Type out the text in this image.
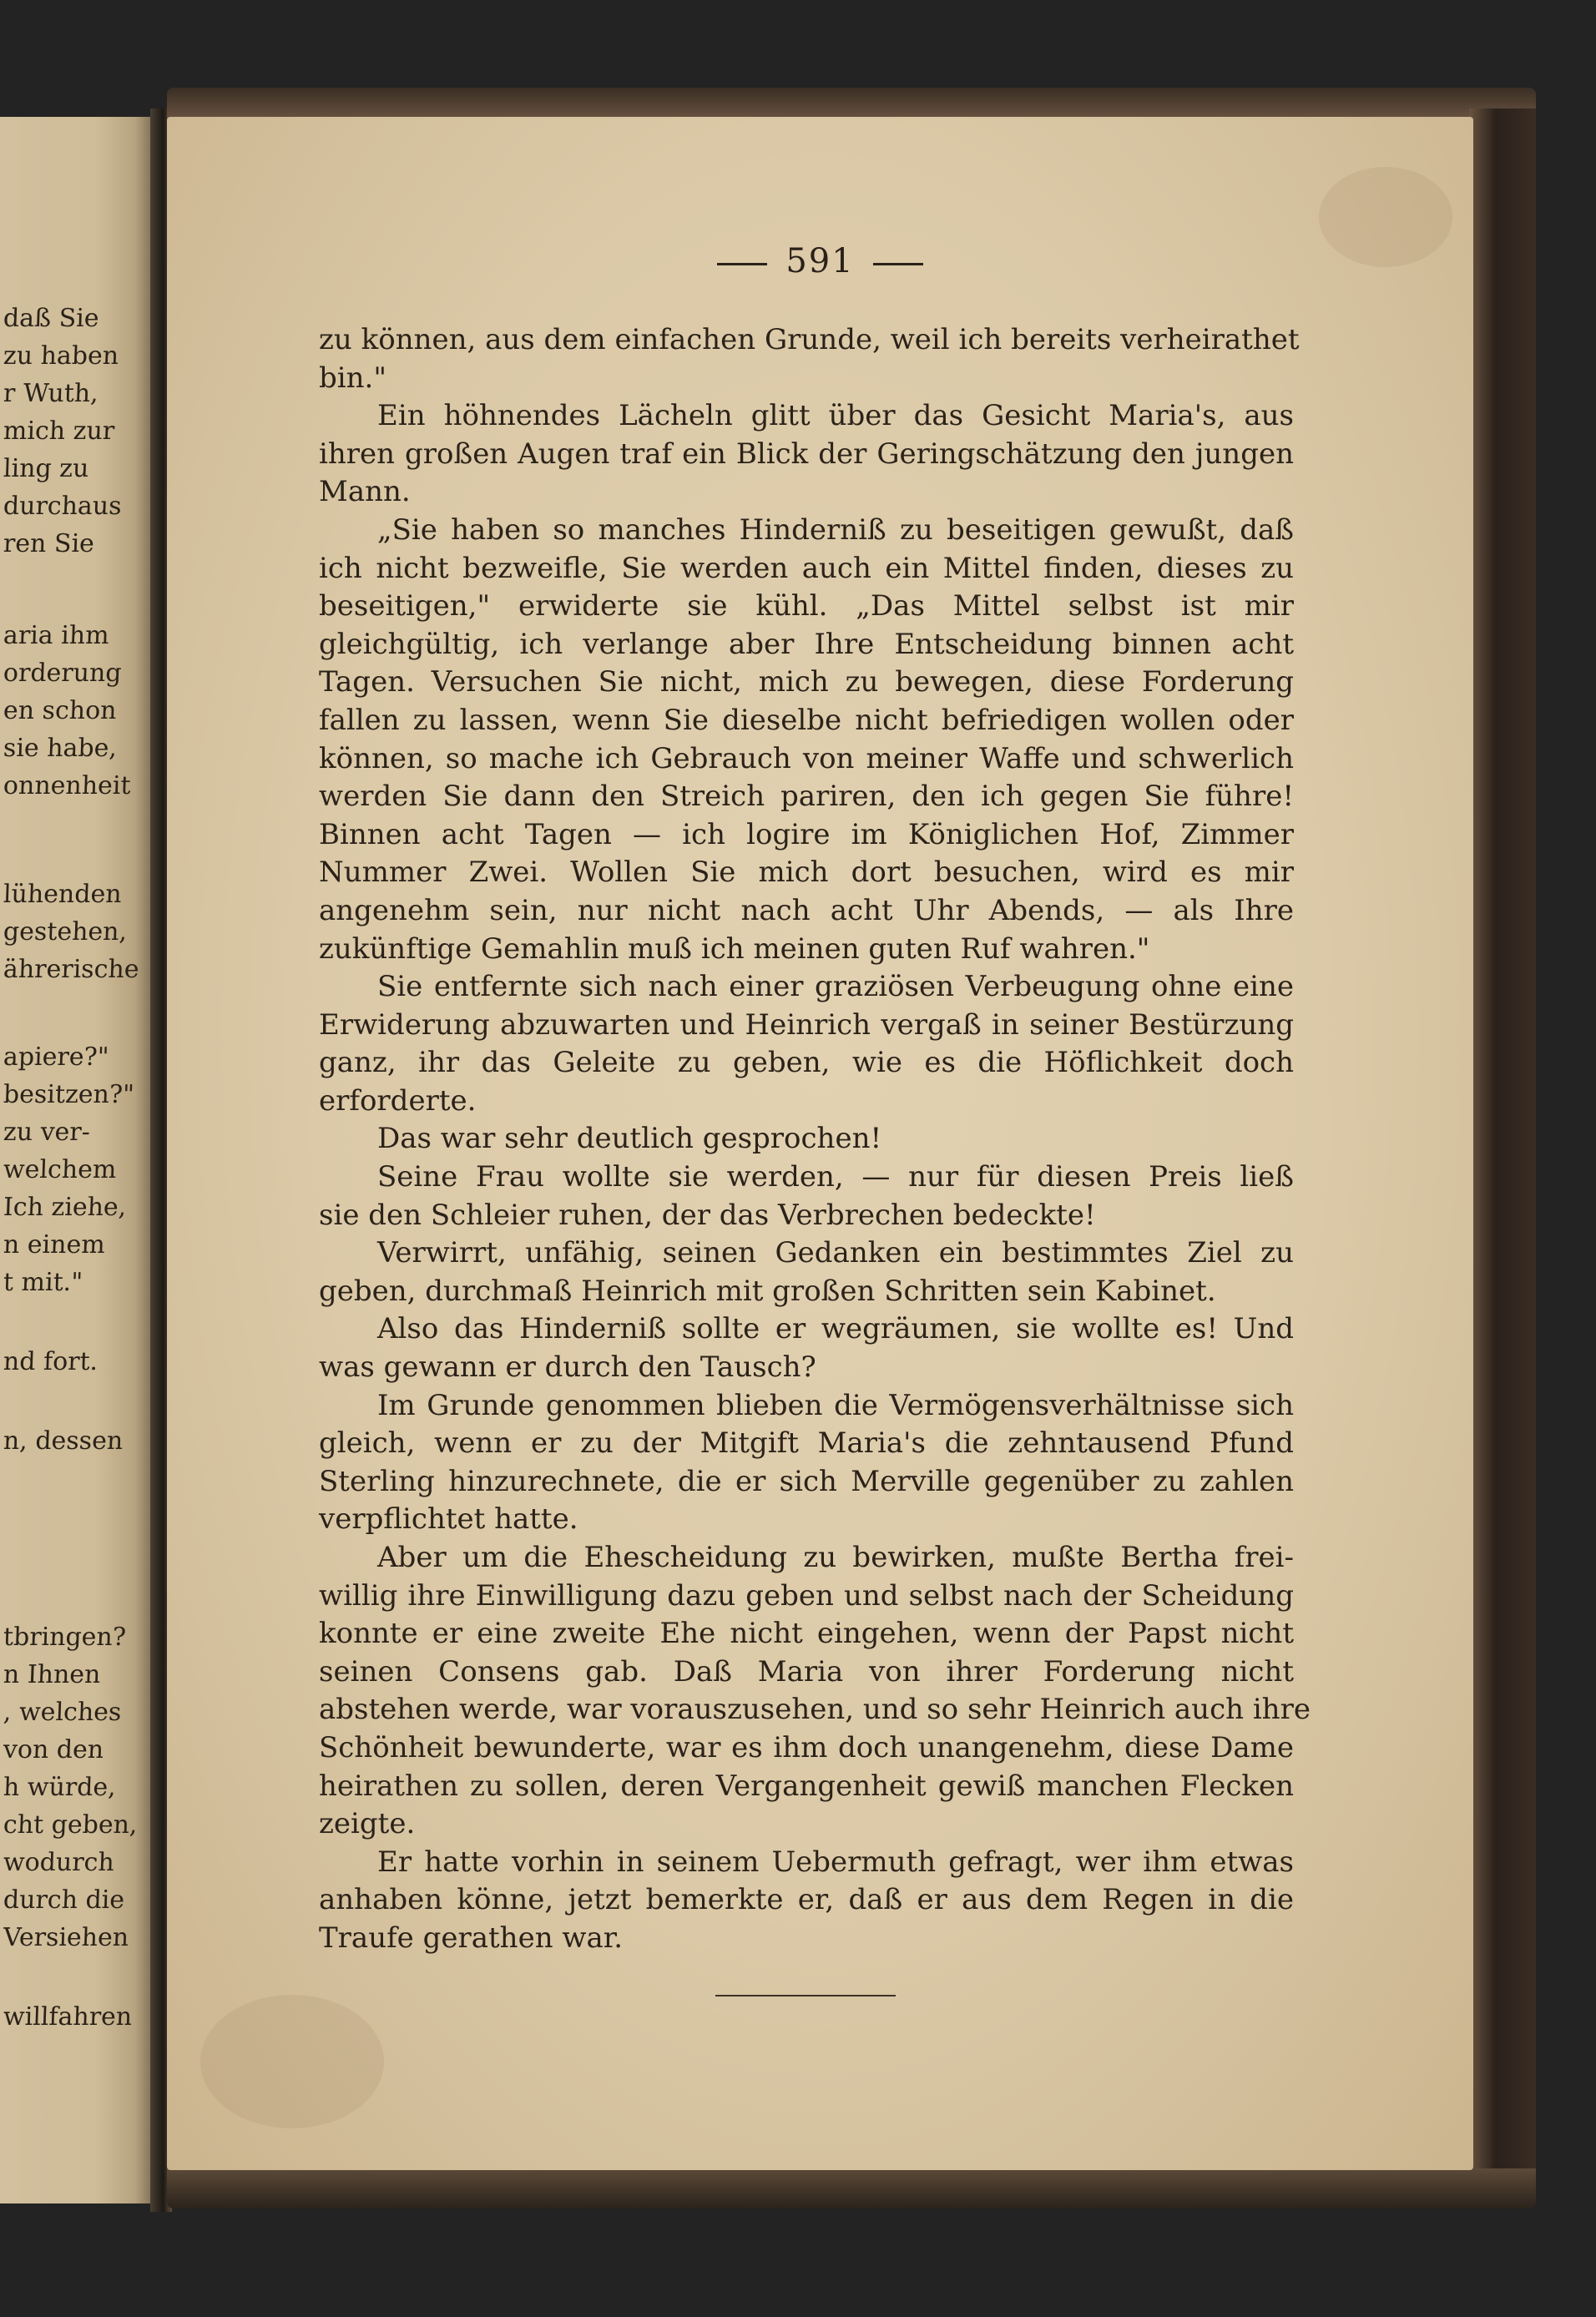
daß Sie
zu haben
r Wuth,
mich zur
ling zu
durchaus
ren Sie
aria ihm
orderung
en schon
sie habe,
onnenheit
lühenden
gestehen,
ährerische
apiere?"
besitzen?"
zu ver-
welchem
Ich ziehe,
n einem
t mit."
nd fort.
n, dessen
tbringen?
n Ihnen
, welches
von den
h würde,
cht geben,
wodurch
durch die
Versiehen
willfahren
591
zu können, aus dem einfachen Grunde, weil ich bereits verheirathet
bin."
Ein höhnendes Lächeln glitt über das Gesicht Maria's, aus
ihren großen Augen traf ein Blick der Geringschätzung den jungen
Mann.
„Sie haben so manches Hinderniß zu beseitigen gewußt, daß
ich nicht bezweifle, Sie werden auch ein Mittel finden, dieses zu
beseitigen," erwiderte sie kühl. „Das Mittel selbst ist mir
gleichgültig, ich verlange aber Ihre Entscheidung binnen acht
Tagen. Versuchen Sie nicht, mich zu bewegen, diese Forderung
fallen zu lassen, wenn Sie dieselbe nicht befriedigen wollen oder
können, so mache ich Gebrauch von meiner Waffe und schwerlich
werden Sie dann den Streich pariren, den ich gegen Sie führe!
Binnen acht Tagen — ich logire im Königlichen Hof, Zimmer
Nummer Zwei. Wollen Sie mich dort besuchen, wird es mir
angenehm sein, nur nicht nach acht Uhr Abends, — als Ihre
zukünftige Gemahlin muß ich meinen guten Ruf wahren."
Sie entfernte sich nach einer graziösen Verbeugung ohne eine
Erwiderung abzuwarten und Heinrich vergaß in seiner Bestürzung
ganz, ihr das Geleite zu geben, wie es die Höflichkeit doch
erforderte.
Das war sehr deutlich gesprochen!
Seine Frau wollte sie werden, — nur für diesen Preis ließ
sie den Schleier ruhen, der das Verbrechen bedeckte!
Verwirrt, unfähig, seinen Gedanken ein bestimmtes Ziel zu
geben, durchmaß Heinrich mit großen Schritten sein Kabinet.
Also das Hinderniß sollte er wegräumen, sie wollte es! Und
was gewann er durch den Tausch?
Im Grunde genommen blieben die Vermögensverhältnisse sich
gleich, wenn er zu der Mitgift Maria's die zehntausend Pfund
Sterling hinzurechnete, die er sich Merville gegenüber zu zahlen
verpflichtet hatte.
Aber um die Ehescheidung zu bewirken, mußte Bertha frei-
willig ihre Einwilligung dazu geben und selbst nach der Scheidung
konnte er eine zweite Ehe nicht eingehen, wenn der Papst nicht
seinen Consens gab. Daß Maria von ihrer Forderung nicht
abstehen werde, war vorauszusehen, und so sehr Heinrich auch ihre
Schönheit bewunderte, war es ihm doch unangenehm, diese Dame
heirathen zu sollen, deren Vergangenheit gewiß manchen Flecken
zeigte.
Er hatte vorhin in seinem Uebermuth gefragt, wer ihm etwas
anhaben könne, jetzt bemerkte er, daß er aus dem Regen in die
Traufe gerathen war.
